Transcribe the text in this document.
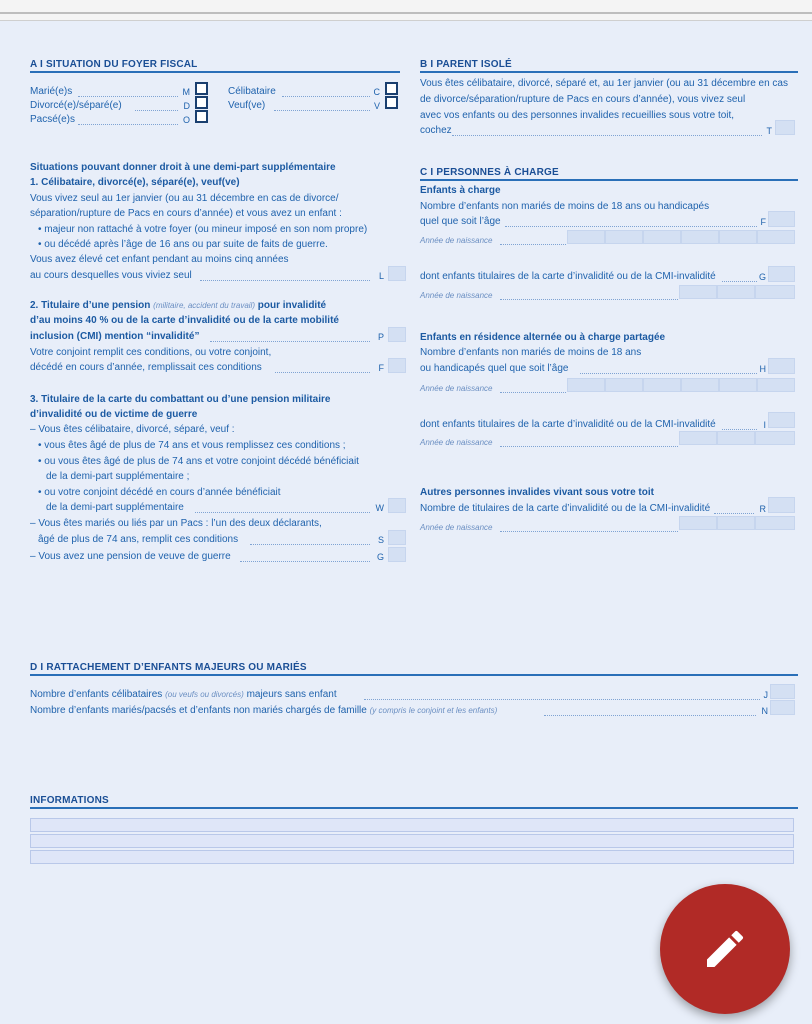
A I SITUATION DU FOYER FISCAL
Marié(e)s	M
Divorcé(e)/séparé(e)	D
Pacsé(e)s	O
Célibataire	C
Veuf(ve)	V
Situations pouvant donner droit à une demi-part supplémentaire
1. Célibataire, divorcé(e), séparé(e), veuf(ve)
Vous vivez seul au 1er janvier (ou au 31 décembre en cas de divorce/
séparation/rupture de Pacs en cours d’année) et vous avez un enfant :
• majeur non rattaché à votre foyer (ou mineur imposé en son nom propre)
• ou décédé après l’âge de 16 ans ou par suite de faits de guerre.
Vous avez élevé cet enfant pendant au moins cinq années
au cours desquelles vous viviez seul	L
2. Titulaire d’une pension (militaire, accident du travail) pour invalidité
d’au moins 40 % ou de la carte d’invalidité ou de la carte mobilité
inclusion (CMI) mention “invalidité”	P
Votre conjoint remplit ces conditions, ou votre conjoint,
décédé en cours d’année, remplissait ces conditions	F
3. Titulaire de la carte du combattant ou d’une pension militaire
d’invalidité ou de victime de guerre
– Vous êtes célibataire, divorcé, séparé, veuf :
• vous êtes âgé de plus de 74 ans et vous remplissez ces conditions ;
• ou vous êtes âgé de plus de 74 ans et votre conjoint décédé bénéficiait
de la demi-part supplémentaire ;
• ou votre conjoint décédé en cours d’année bénéficiait
de la demi-part supplémentaire	W
– Vous êtes mariés ou liés par un Pacs : l’un des deux déclarants,
âgé de plus de 74 ans, remplit ces conditions	S
– Vous avez une pension de veuve de guerre	G
B I PARENT ISOLÉ
Vous êtes célibataire, divorcé, séparé et, au 1er janvier (ou au 31 décembre en cas
de divorce/séparation/rupture de Pacs en cours d’année), vous vivez seul
avec vos enfants ou des personnes invalides recueillies sous votre toit,
cochez	T
C I PERSONNES À CHARGE
Enfants à charge
Nombre d’enfants non mariés de moins de 18 ans ou handicapés
quel que soit l’âge	F
Année de naissance
dont enfants titulaires de la carte d’invalidité ou de la CMI-invalidité	G
Année de naissance
Enfants en résidence alternée ou à charge partagée
Nombre d’enfants non mariés de moins de 18 ans
ou handicapés quel que soit l’âge	H
Année de naissance
dont enfants titulaires de la carte d’invalidité ou de la CMI-invalidité	I
Année de naissance
Autres personnes invalides vivant sous votre toit
Nombre de titulaires de la carte d’invalidité ou de la CMI-invalidité	R
Année de naissance
D I RATTACHEMENT D’ENFANTS MAJEURS OU MARIÉS
Nombre d’enfants célibataires (ou veufs ou divorcés) majeurs sans enfant	J
Nombre d’enfants mariés/pacsés et d’enfants non mariés chargés de famille (y compris le conjoint et les enfants)	N
INFORMATIONS
